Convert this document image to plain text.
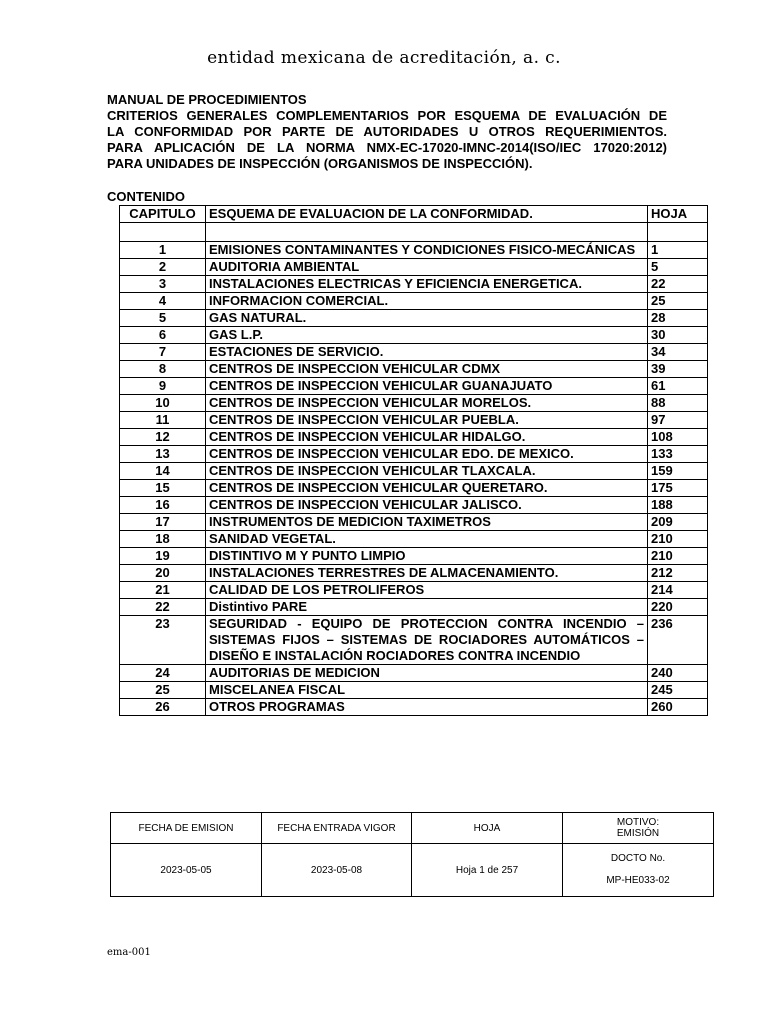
entidad mexicana de acreditación, a. c.
MANUAL DE PROCEDIMIENTOS
CRITERIOS GENERALES COMPLEMENTARIOS POR ESQUEMA DE EVALUACIÓN DE
LA CONFORMIDAD POR PARTE DE AUTORIDADES U OTROS REQUERIMIENTOS.
PARA APLICACIÓN DE LA NORMA NMX-EC-17020-IMNC-2014(ISO/IEC 17020:2012)
PARA UNIDADES DE INSPECCIÓN (ORGANISMOS DE INSPECCIÓN).
CONTENIDO
CAPITULO	ESQUEMA DE EVALUACION DE LA CONFORMIDAD.	HOJA

1	EMISIONES CONTAMINANTES Y CONDICIONES FISICO-MECÁNICAS	1
2	AUDITORIA AMBIENTAL	5
3	INSTALACIONES ELECTRICAS Y EFICIENCIA ENERGETICA.	22
4	INFORMACION COMERCIAL.	25
5	GAS NATURAL.	28
6	GAS L.P.	30
7	ESTACIONES DE SERVICIO.	34
8	CENTROS DE INSPECCION VEHICULAR CDMX	39
9	CENTROS DE INSPECCION VEHICULAR GUANAJUATO	61
10	CENTROS DE INSPECCION VEHICULAR MORELOS.	88
11	CENTROS DE INSPECCION VEHICULAR PUEBLA.	97
12	CENTROS DE INSPECCION VEHICULAR HIDALGO.	108
13	CENTROS DE INSPECCION VEHICULAR EDO. DE MEXICO.	133
14	CENTROS DE INSPECCION VEHICULAR TLAXCALA.	159
15	CENTROS DE INSPECCION VEHICULAR QUERETARO.	175
16	CENTROS DE INSPECCION VEHICULAR JALISCO.	188
17	INSTRUMENTOS DE MEDICION TAXIMETROS	209
18	SANIDAD VEGETAL.	210
19	DISTINTIVO M Y PUNTO LIMPIO	210
20	INSTALACIONES TERRESTRES DE ALMACENAMIENTO.	212
21	CALIDAD DE LOS PETROLIFEROS	214
22	Distintivo PARE	220
23	SEGURIDAD - EQUIPO DE PROTECCION CONTRA INCENDIO – SISTEMAS FIJOS – SISTEMAS DE ROCIADORES AUTOMÁTICOS – DISEÑO E INSTALACIÓN ROCIADORES CONTRA INCENDIO	236
24	AUDITORIAS DE MEDICION	240
25	MISCELANEA FISCAL	245
26	OTROS PROGRAMAS	260
FECHA DE EMISION	FECHA ENTRADA VIGOR	HOJA	MOTIVO:
EMISIÓN

2023-05-05	2023-05-08	Hoja 1 de 257	DOCTO No.
MP-HE033-02
ema-001
